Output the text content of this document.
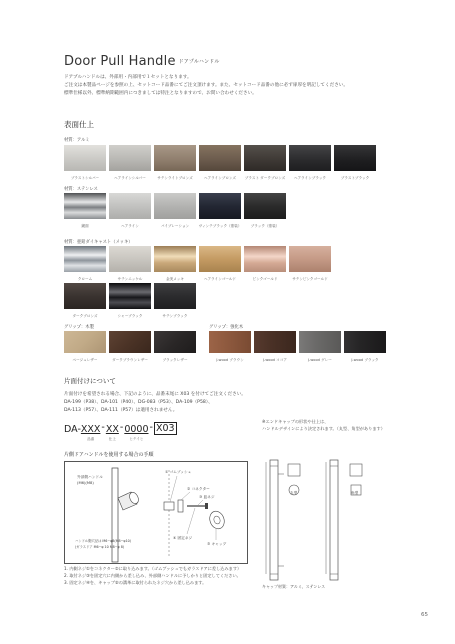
Door Pull Handle $^{ドアプルハンドル}$
ドアプルハンドルは、外部用・内部用で１セットとなります。
ご注文は本製品ページを参照の上、セットコード品番にてご注文頂けます。また、セットコード品番の他に必ず扉厚を明記してください。
標準仕様以外、標準納期範囲内につきましては特注となりますので、お問い合わせください。
表面仕上
材質：アルミ
ブラストシルバー	ヘアラインシルバー	サテンライトブロンズ	ヘアラインブロンズ ブラスト ダークブロンズ ヘアラインブラック	ブラストブラック
材質：ステンレス
鏡面	ヘアライン	バイブレーション	ヴィンテブラック（塗装）	ブラック（塗装）
材質：亜鉛ダイキャスト（メッキ）
クローム	サテンニッケル	金美メッキ	ヘアラインゴールド	ピンクゴールド	サテンピンクゴールド
ダークブロンズ	シャーブラック	サテンブラック
グリップ：木製
ベージュレザー	ダークブラウンレザー	ブラックレザー
グリップ：強化木
J-wood ブラウン	J-wood ココア	J-wood グレー	J-wood ブラック
片面付けについて
片面付けを希望される場合、下記のように、品番末尾に X03 を付けてご注文ください。
DA-199（P38）、DA-101（P40）、DG-083（P53）、DA-109（P58）、
DA-113（P57）、DA-111（P57）は適用されません。
DA- XXX
品番
- XX
仕上
- 0000
ヒテイヒ
- X03
※エンドキャップの形状や仕上は、
ハンドルデザインにより決定されます。（丸型、角型があります）
片側ドアハンドルを使用する場合の手順
外部側ハンドル
(M6)(M8)
① ゴムブッシュ
② コネクター
③ 皿ネジ
④ 固定ネジ
⑤ キャップ
ハンドル側穴径は M6~φ8(M8~φ10)
(ガラスドア M6~φ 10 M8~φ 8)
1. 内側ネジ①をコネクター②に取り込みます。（ゴムブッシュでもガラスドアに差し込みます）
2. 取付ネジ③を固定穴に内側から差し込み、外部側ハンドルに予しかりと固定してください。
3. 固定ネジ④を、キャップ⑤の溝革に取付られたネジ穴から差し込みます。
丸型	角型
キャップ材質：アルミ、ステンレス
65
